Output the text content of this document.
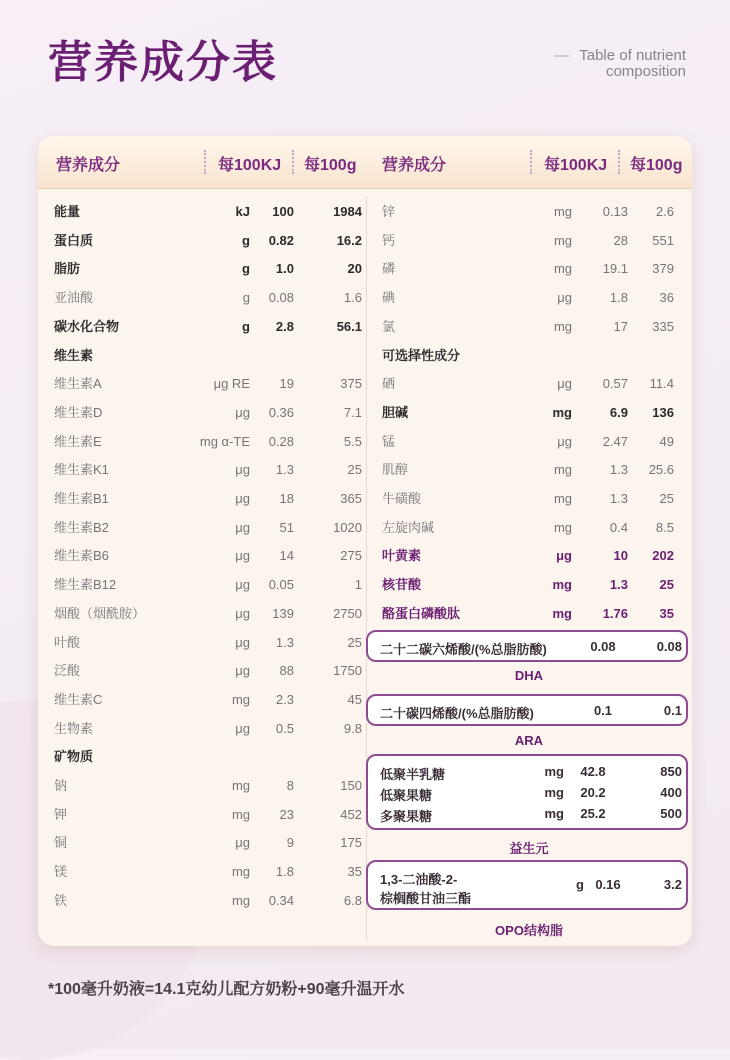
营养成分表	— Table of nutrient
composition
营养成分	每100KJ 每100g 营养成分	每100KJ 每100g
能量	kJ	100	1984
蛋白质	g	0.82	16.2
脂肪	g	1.0	20
亚油酸	g	0.08	1.6
碳水化合物	g	2.8	56.1
维生素
维生素A	μg RE	19	375
维生素D	μg	0.36	7.1
维生素E	mg α-TE	0.28	5.5
维生素K1	μg	1.3	25
维生素B1	μg	18	365
维生素B2	μg	51	1020
维生素B6	μg	14	275
维生素B12	μg	0.05	1
烟酸（烟酰胺）	μg	139	2750
叶酸	μg	1.3	25
泛酸	μg	88	1750
维生素C	mg	2.3	45
生物素	μg	0.5	9.8
矿物质
钠	mg	8	150
钾	mg	23	452
铜	μg	9	175
镁	mg	1.8	35
铁	mg	0.34	6.8
锌	mg	0.13	2.6
钙	mg	28	551
磷	mg	19.1	379
碘	μg	1.8	36
氯	mg	17	335
可选择性成分
硒	μg	0.57	11.4
胆碱	mg	6.9	136
锰	μg	2.47	49
肌醇	mg	1.3	25.6
牛磺酸	mg	1.3	25
左旋肉碱	mg	0.4	8.5
叶黄素	μg	10	202
核苷酸	mg	1.3	25
酪蛋白磷酸肽	mg	1.76	35
二十二碳六烯酸/(%总脂肪酸)	0.08	0.08
DHA
二十碳四烯酸/(%总脂肪酸)	0.1	0.1
ARA
低聚半乳糖	mg	42.8	850
低聚果糖	mg	20.2	400
多聚果糖	mg	25.2	500
益生元
1,3-二油酸-2-
棕榈酸甘油三酯
g 0.16	3.2
OPO结构脂
*100毫升奶液=14.1克幼儿配方奶粉+90毫升温开水
